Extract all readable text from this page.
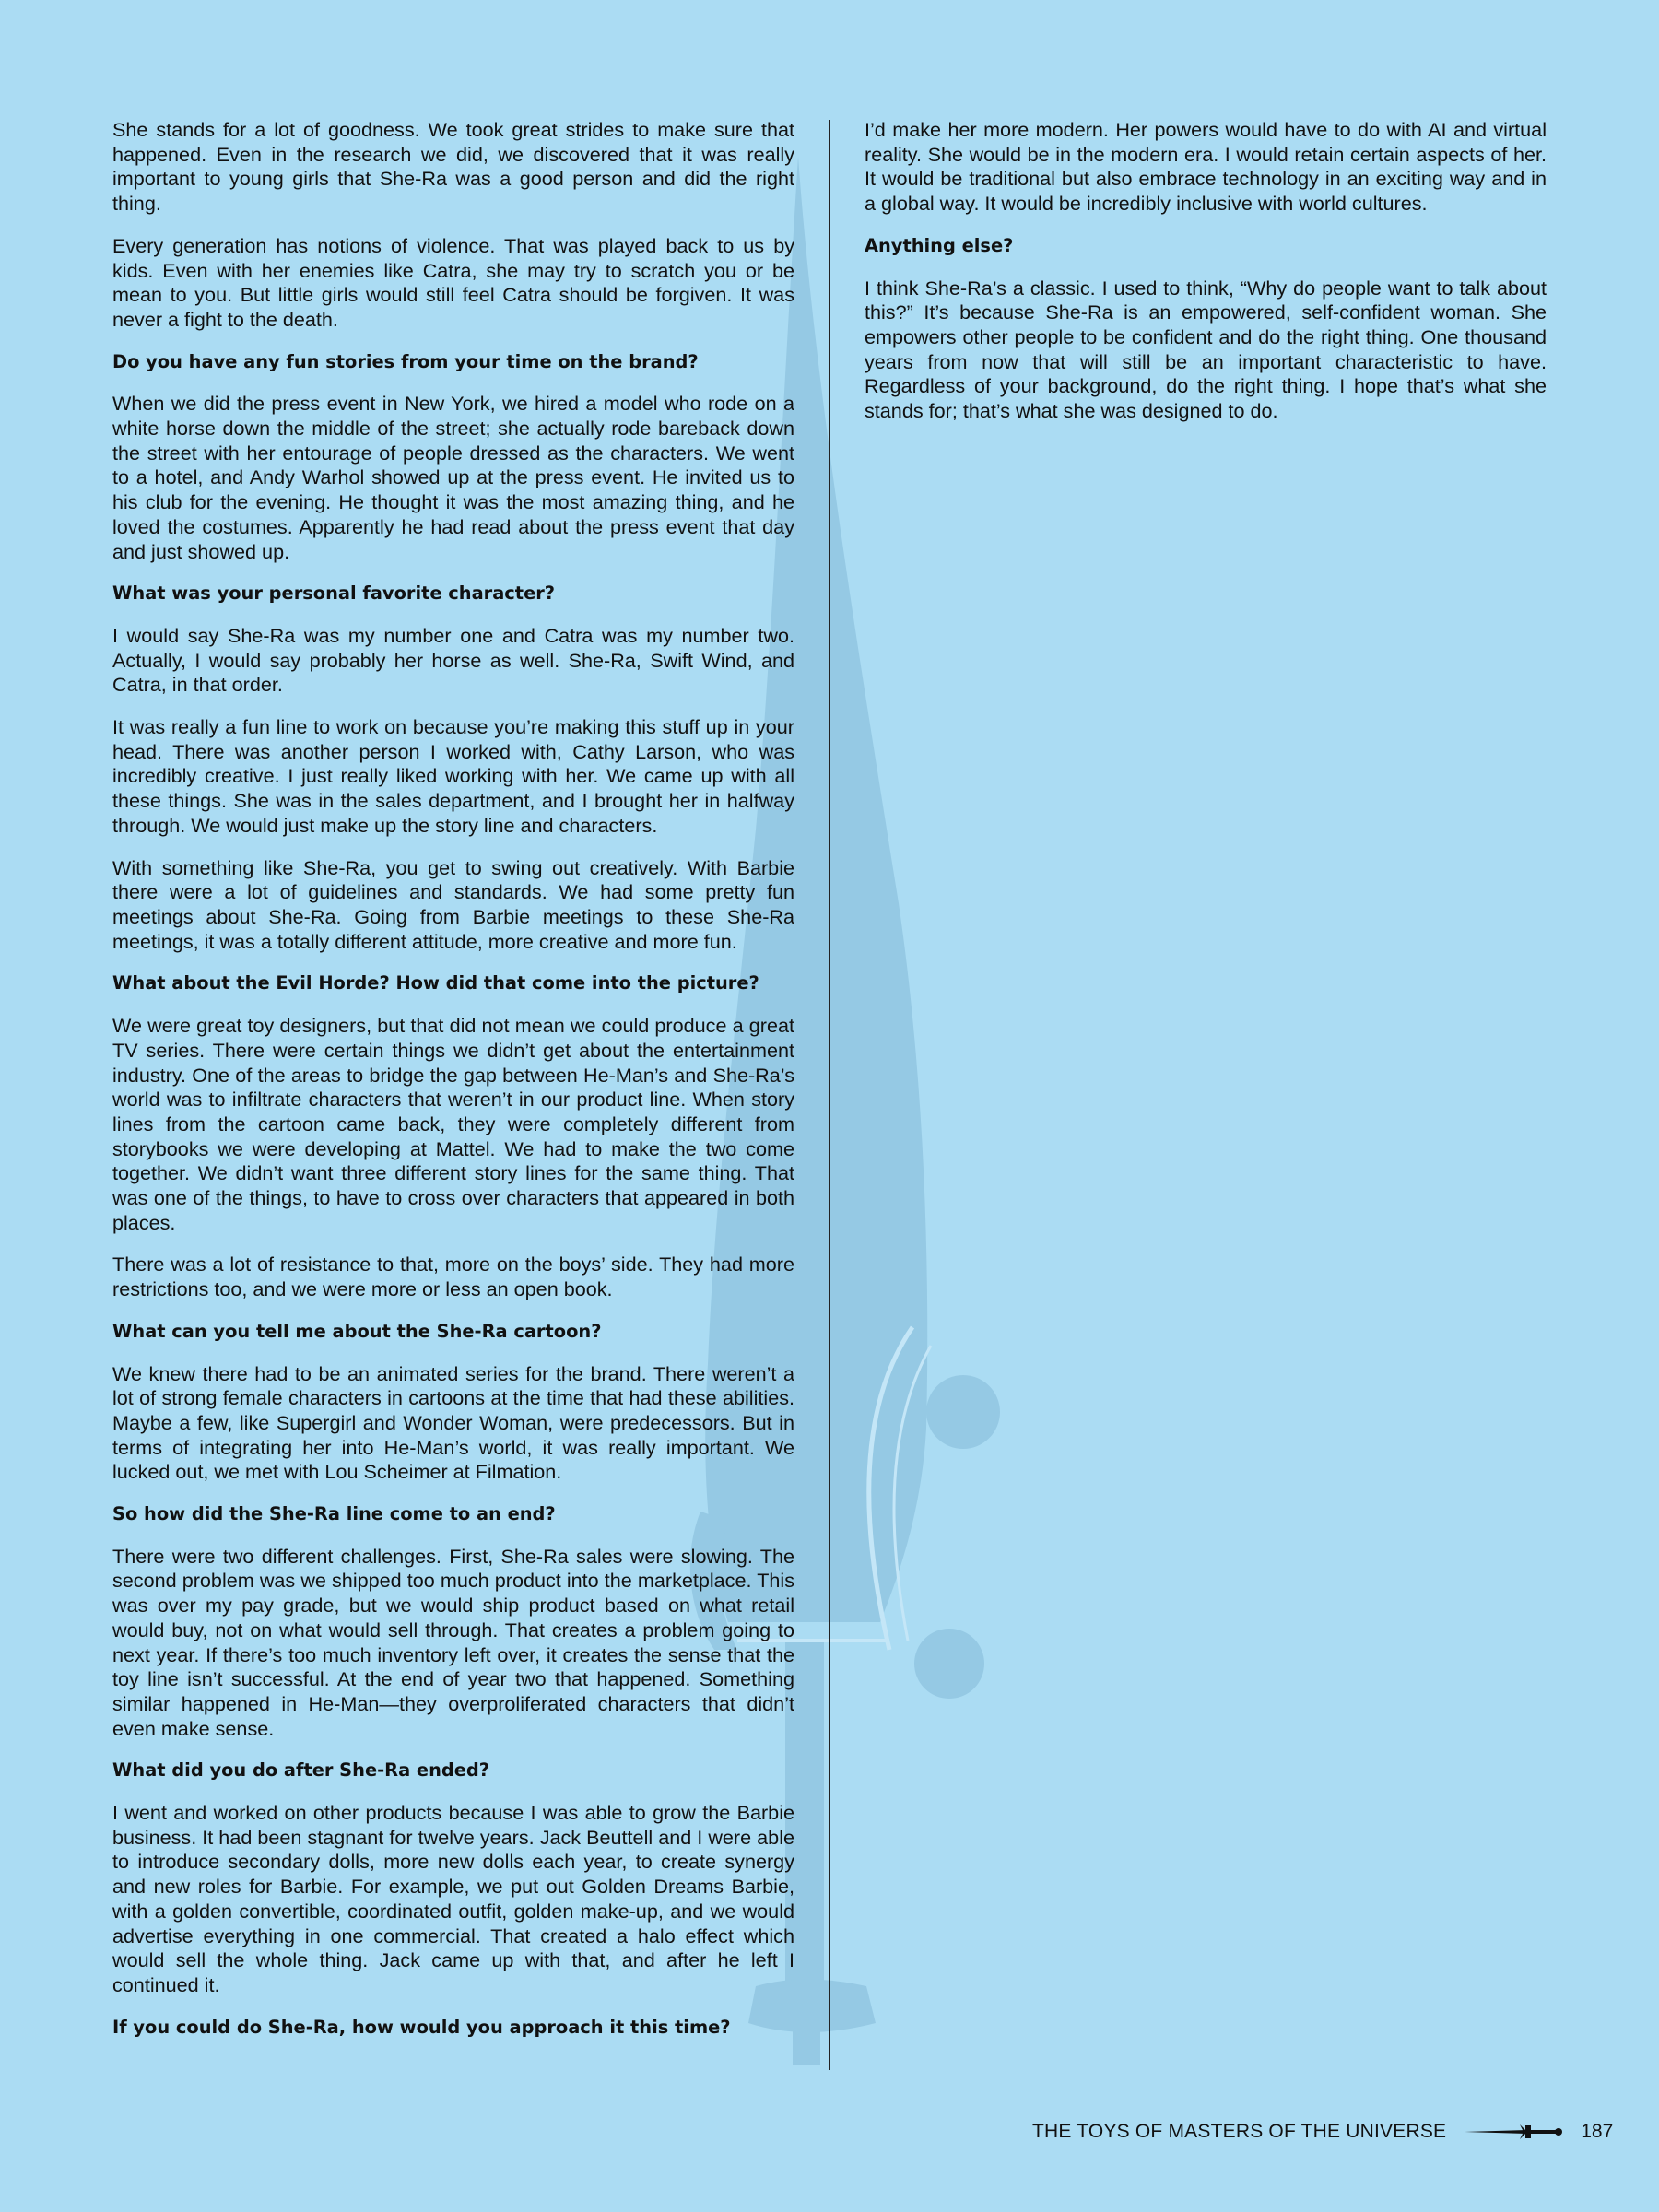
She stands for a lot of goodness. We took great strides to make sure that happened. Even in the research we did, we discovered that it was really important to young girls that She-Ra was a good person and did the right thing.

Every generation has notions of violence. That was played back to us by kids. Even with her enemies like Catra, she may try to scratch you or be mean to you. But little girls would still feel Catra should be forgiven. It was never a fight to the death.

Do you have any fun stories from your time on the brand?

When we did the press event in New York, we hired a model who rode on a white horse down the middle of the street; she actually rode bareback down the street with her entourage of people dressed as the characters. We went to a hotel, and Andy Warhol showed up at the press event. He invited us to his club for the evening. He thought it was the most amazing thing, and he loved the costumes. Apparently he had read about the press event that day and just showed up.

What was your personal favorite character?

I would say She-Ra was my number one and Catra was my number two. Actually, I would say probably her horse as well. She-Ra, Swift Wind, and Catra, in that order.

It was really a fun line to work on because you’re making this stuff up in your head. There was another person I worked with, Cathy Larson, who was incredibly creative. I just really liked working with her. We came up with all these things. She was in the sales department, and I brought her in halfway through. We would just make up the story line and characters.

With something like She-Ra, you get to swing out creatively. With Barbie there were a lot of guidelines and standards. We had some pretty fun meetings about She-Ra. Going from Barbie meetings to these She-Ra meetings, it was a totally different attitude, more creative and more fun.

What about the Evil Horde? How did that come into the picture?

We were great toy designers, but that did not mean we could produce a great TV series. There were certain things we didn’t get about the entertainment industry. One of the areas to bridge the gap between He-Man’s and She-Ra’s world was to infiltrate characters that weren’t in our product line. When story lines from the cartoon came back, they were completely different from storybooks we were developing at Mattel. We had to make the two come together. We didn’t want three different story lines for the same thing. That was one of the things, to have to cross over characters that appeared in both places.

There was a lot of resistance to that, more on the boys’ side. They had more restrictions too, and we were more or less an open book.

What can you tell me about the She-Ra cartoon?

We knew there had to be an animated series for the brand. There weren’t a lot of strong female characters in cartoons at the time that had these abilities. Maybe a few, like Supergirl and Wonder Woman, were predecessors. But in terms of integrating her into He-Man’s world, it was really important. We lucked out, we met with Lou Scheimer at Filmation.

So how did the She-Ra line come to an end?

There were two different challenges. First, She-Ra sales were slowing. The second problem was we shipped too much product into the marketplace. This was over my pay grade, but we would ship product based on what retail would buy, not on what would sell through. That creates a problem going to next year. If there’s too much inventory left over, it creates the sense that the toy line isn’t successful. At the end of year two that happened. Something similar happened in He-Man—they overproliferated characters that didn’t even make sense.

What did you do after She-Ra ended?

I went and worked on other products because I was able to grow the Barbie business. It had been stagnant for twelve years. Jack Beuttell and I were able to introduce secondary dolls, more new dolls each year, to create synergy and new roles for Barbie. For example, we put out Golden Dreams Barbie, with a golden convertible, coordinated outfit, golden make-up, and we would advertise everything in one commercial. That created a halo effect which would sell the whole thing. Jack came up with that, and after he left I continued it.

If you could do She-Ra, how would you approach it this time?

I’d make her more modern. Her powers would have to do with AI and virtual reality. She would be in the modern era. I would retain certain aspects of her. It would be traditional but also embrace technology in an exciting way and in a global way. It would be incredibly inclusive with world cultures.

Anything else?

I think She-Ra’s a classic. I used to think, “Why do people want to talk about this?” It’s because She-Ra is an empowered, self-confident woman. She empowers other people to be confident and do the right thing. One thousand years from now that will still be an important characteristic to have. Regardless of your background, do the right thing. I hope that’s what she stands for; that’s what she was designed to do.

THE TOYS OF MASTERS OF THE UNIVERSE	187
